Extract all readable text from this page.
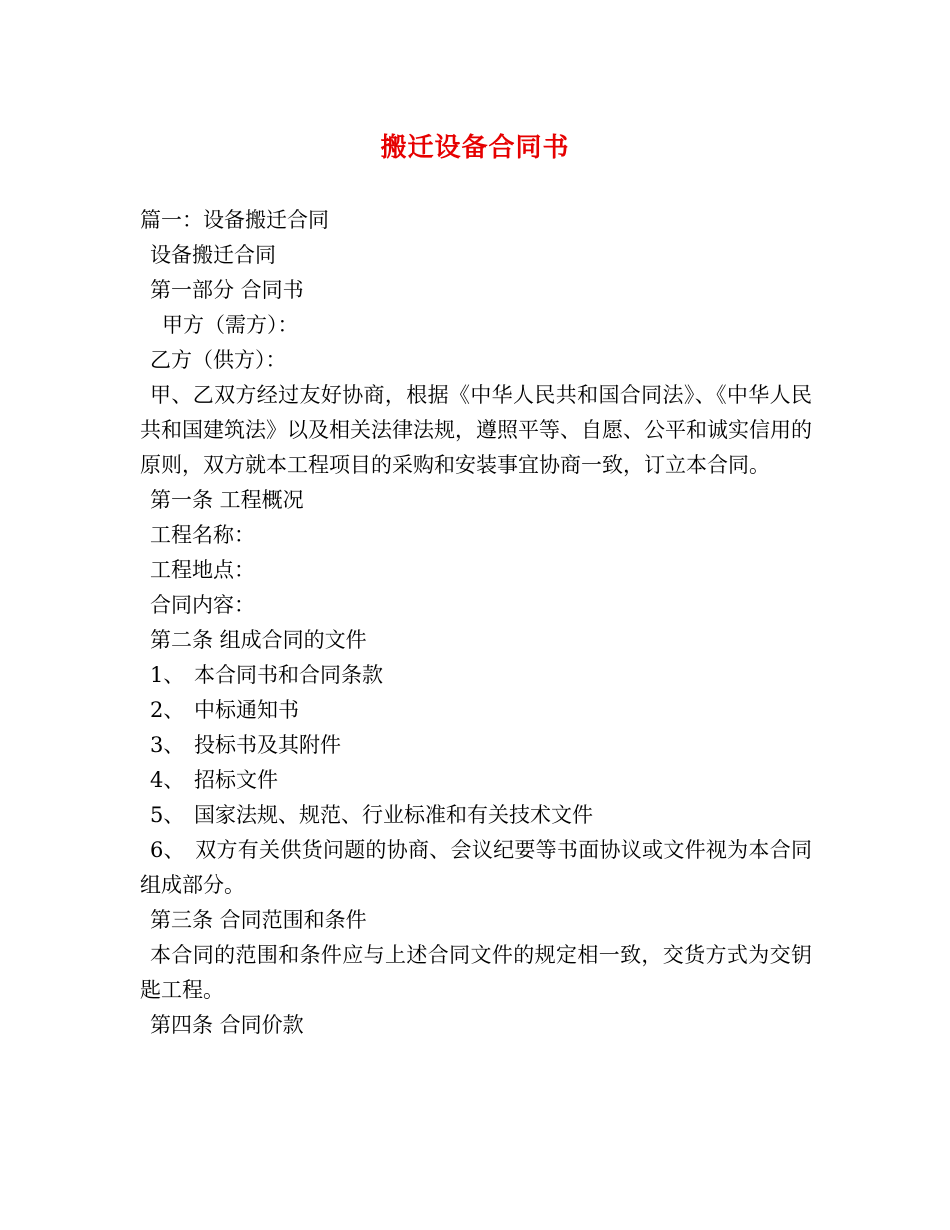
搬迁设备合同书
篇一：设备搬迁合同
设备搬迁合同
第一部分 合同书
甲方（需方）：
乙方（供方）：
甲、乙双方经过友好协商，根据《中华人民共和国合同法》、《中华人民共和国建筑法》以及相关法律法规，遵照平等、自愿、公平和诚实信用的原则，双方就本工程项目的采购和安装事宜协商一致，订立本合同。
第一条 工程概况
工程名称：
工程地点：
合同内容：
第二条 组成合同的文件
1、 本合同书和合同条款
2、 中标通知书
3、 投标书及其附件
4、 招标文件
5、 国家法规、规范、行业标准和有关技术文件
6、 双方有关供货问题的协商、会议纪要等书面协议或文件视为本合同组成部分。
第三条 合同范围和条件
本合同的范围和条件应与上述合同文件的规定相一致，交货方式为交钥匙工程。
第四条 合同价款
